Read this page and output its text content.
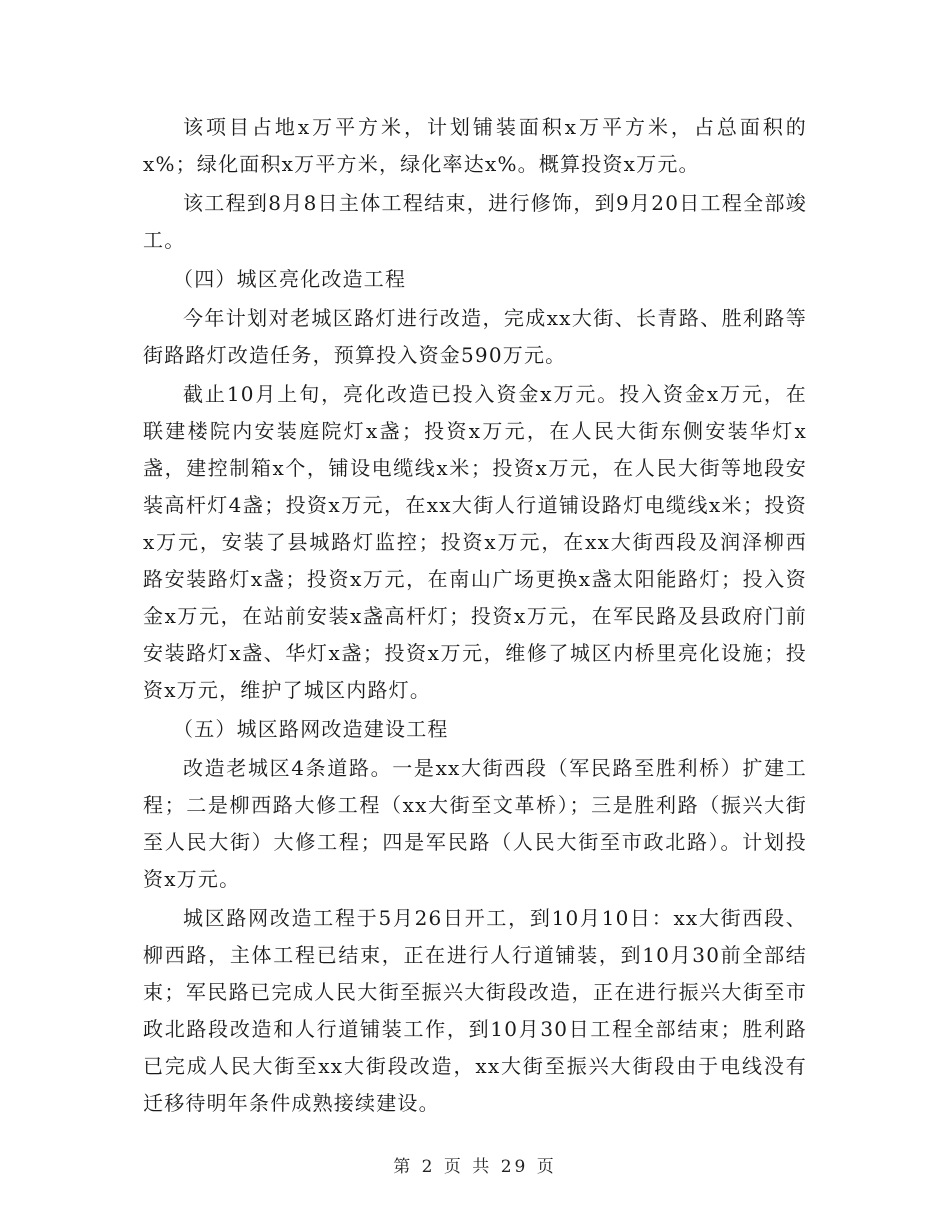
该项目占地x万平方米，计划铺装面积x万平方米，占总面积的x%；绿化面积x万平方米，绿化率达x%。概算投资x万元。

该工程到8月8日主体工程结束，进行修饰，到9月20日工程全部竣工。

（四）城区亮化改造工程

今年计划对老城区路灯进行改造，完成xx大街、长青路、胜利路等街路路灯改造任务，预算投入资金590万元。

截止10月上旬，亮化改造已投入资金x万元。投入资金x万元，在联建楼院内安装庭院灯x盏；投资x万元，在人民大街东侧安装华灯x盏，建控制箱x个，铺设电缆线x米；投资x万元，在人民大街等地段安装高杆灯4盏；投资x万元，在xx大街人行道铺设路灯电缆线x米；投资x万元，安装了县城路灯监控；投资x万元，在xx大街西段及润泽柳西路安装路灯x盏；投资x万元，在南山广场更换x盏太阳能路灯；投入资金x万元，在站前安装x盏高杆灯；投资x万元，在军民路及县政府门前安装路灯x盏、华灯x盏；投资x万元，维修了城区内桥里亮化设施；投资x万元，维护了城区内路灯。

（五）城区路网改造建设工程

改造老城区4条道路。一是xx大街西段（军民路至胜利桥）扩建工程；二是柳西路大修工程（xx大街至文革桥）；三是胜利路（振兴大街至人民大街）大修工程；四是军民路（人民大街至市政北路）。计划投资x万元。

城区路网改造工程于5月26日开工，到10月10日：xx大街西段、柳西路，主体工程已结束，正在进行人行道铺装，到10月30前全部结束；军民路已完成人民大街至振兴大街段改造，正在进行振兴大街至市政北路段改造和人行道铺装工作，到10月30日工程全部结束；胜利路已完成人民大街至xx大街段改造，xx大街至振兴大街段由于电线没有迁移待明年条件成熟接续建设。

第 2 页 共 29 页
